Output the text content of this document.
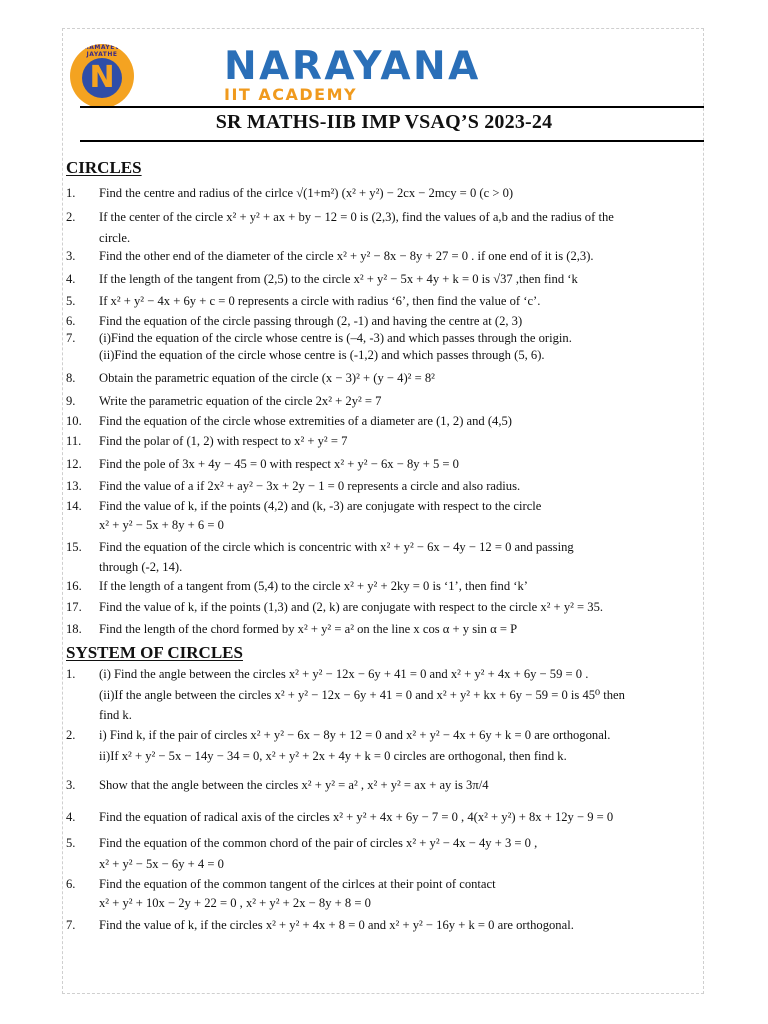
SRAMAYEVA JAYATHE
N	NARAYANA
IIT ACADEMY
SR MATHS-IIB IMP VSAQ’S 2023-24
CIRCLES
1. Find the centre and radius of the cirlce √(1+m²) (x² + y²) − 2cx − 2mcy = 0 (c > 0)
2. If the center of the circle x² + y² + ax + by − 12 = 0 is (2,3), find the values of a,b and the radius of the
circle.
3. Find the other end of the diameter of the circle x² + y² − 8x − 8y + 27 = 0 . if one end of it is (2,3).
4. If the length of the tangent from (2,5) to the circle x² + y² − 5x + 4y + k = 0 is √37 ,then find ‘k
5. If x² + y² − 4x + 6y + c = 0 represents a circle with radius ‘6’, then find the value of ‘c’.
6. Find the equation of the circle passing through (2, -1) and having the centre at (2, 3)
7. (i)Find the equation of the circle whose centre is (–4, -3) and which passes through the origin.
(ii)Find the equation of the circle whose centre is (-1,2) and which passes through (5, 6).
8. Obtain the parametric equation of the circle (x − 3)² + (y − 4)² = 8²
9. Write the parametric equation of the circle 2x² + 2y² = 7
10. Find the equation of the circle whose extremities of a diameter are (1, 2) and (4,5)
11. Find the polar of (1, 2) with respect to x² + y² = 7
12. Find the pole of 3x + 4y − 45 = 0 with respect x² + y² − 6x − 8y + 5 = 0
13. Find the value of a if 2x² + ay² − 3x + 2y − 1 = 0 represents a circle and also radius.
14. Find the value of k, if the points (4,2) and (k, -3) are conjugate with respect to the circle
x² + y² − 5x + 8y + 6 = 0
15. Find the equation of the circle which is concentric with x² + y² − 6x − 4y − 12 = 0 and passing
through (-2, 14).
16. If the length of a tangent from (5,4) to the circle x² + y² + 2ky = 0 is ‘1’, then find ‘k’
17. Find the value of k, if the points (1,3) and (2, k) are conjugate with respect to the circle x² + y² = 35.
18. Find the length of the chord formed by x² + y² = a² on the line x cos α + y sin α = P
SYSTEM OF CIRCLES
1. (i) Find the angle between the circles x² + y² − 12x − 6y + 41 = 0 and x² + y² + 4x + 6y − 59 = 0 .
(ii)If the angle between the circles x² + y² − 12x − 6y + 41 = 0 and x² + y² + kx + 6y − 59 = 0 is 45⁰ then
find k.
2. i) Find k, if the pair of circles x² + y² − 6x − 8y + 12 = 0 and x² + y² − 4x + 6y + k = 0 are orthogonal.
ii)If x² + y² − 5x − 14y − 34 = 0, x² + y² + 2x + 4y + k = 0 circles are orthogonal, then find k.
3. Show that the angle between the circles x² + y² = a² , x² + y² = ax + ay is 3π/4
4. Find the equation of radical axis of the circles x² + y² + 4x + 6y − 7 = 0 , 4(x² + y²) + 8x + 12y − 9 = 0
5. Find the equation of the common chord of the pair of circles x² + y² − 4x − 4y + 3 = 0 ,
x² + y² − 5x − 6y + 4 = 0
6. Find the equation of the common tangent of the cirlces at their point of contact
x² + y² + 10x − 2y + 22 = 0 , x² + y² + 2x − 8y + 8 = 0
7. Find the value of k, if the circles x² + y² + 4x + 8 = 0 and x² + y² − 16y + k = 0 are orthogonal.
